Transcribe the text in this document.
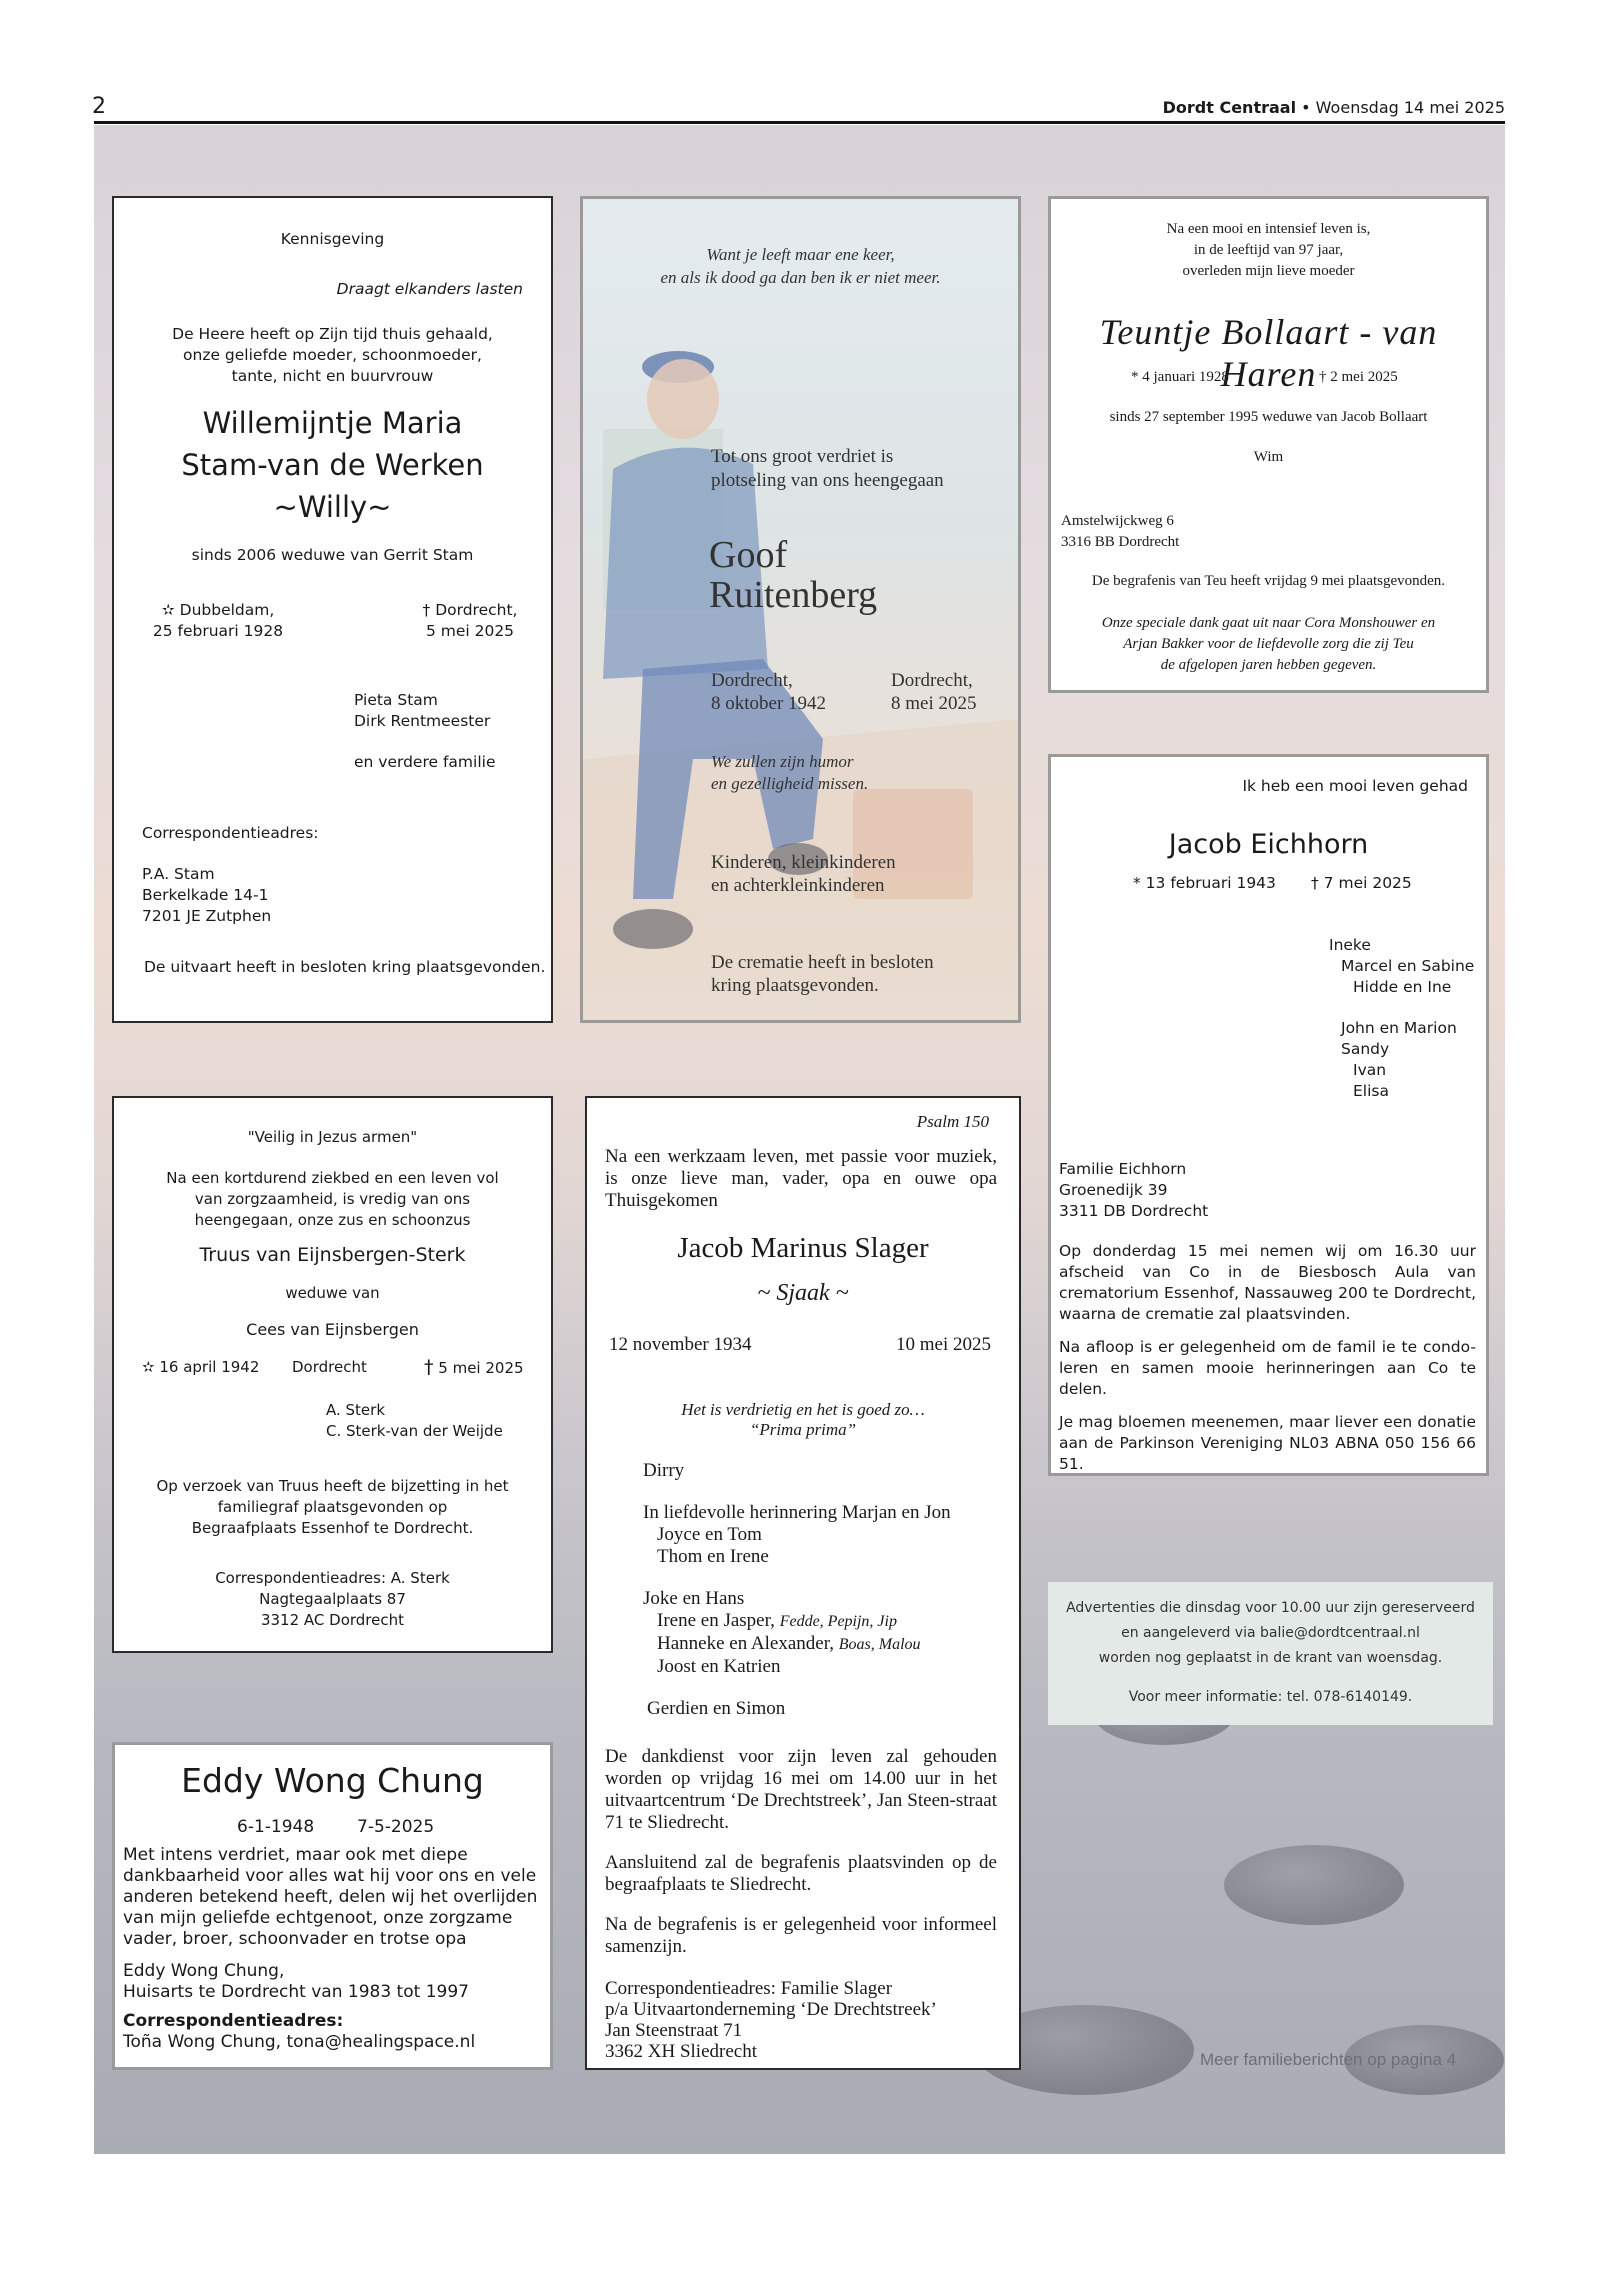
2	Dordt Centraal • Woensdag 14 mei 2025
Kennisgeving
Draagt elkanders lasten
De Heere heeft op Zijn tijd thuis gehaald,
onze geliefde moeder, schoonmoeder,
tante, nicht en buurvrouw
Willemijntje Maria
Stam-van de Werken
~Willy~
sinds 2006 weduwe van Gerrit Stam
✫ Dubbeldam,
25 februari 1928
† Dordrecht,
5 mei 2025
Pieta Stam
Dirk Rentmeester
en verdere familie
Correspondentieadres:
P.A. Stam
Berkelkade 14-1
7201 JE Zutphen
De uitvaart heeft in besloten kring plaatsgevonden.
Want je leeft maar ene keer,
en als ik dood ga dan ben ik er niet meer.
Tot ons groot verdriet is
plotseling van ons heengegaan
Goof
Ruitenberg
Dordrecht,
8 oktober 1942
Dordrecht,
8 mei 2025
We zullen zijn humor
en gezelligheid missen.
Kinderen, kleinkinderen
en achterkleinkinderen
De crematie heeft in besloten
kring plaatsgevonden.
Na een mooi en intensief leven is,
in de leeftijd van 97 jaar,
overleden mijn lieve moeder
Teuntje Bollaart - van Haren
* 4 januari 1928	† 2 mei 2025
sinds 27 september 1995 weduwe van Jacob Bollaart
Wim
Amstelwijckweg 6
3316 BB Dordrecht
De begrafenis van Teu heeft vrijdag 9 mei plaatsgevonden.
Onze speciale dank gaat uit naar Cora Monshouwer en
Arjan Bakker voor de liefdevolle zorg die zij Teu
de afgelopen jaren hebben gegeven.
Ik heb een mooi leven gehad
Jacob Eichhorn
* 13 februari 1943 † 7 mei 2025
Ineke
Marcel en Sabine
Hidde en Ine
John en Marion
Sandy
Ivan
Elisa
Familie Eichhorn
Groenedijk 39
3311 DB Dordrecht

Op donderdag 15 mei nemen wij om 16.30 uur afscheid van Co in de Biesbosch Aula van crematorium Essenhof, Nassauweg 200 te Dordrecht, waarna de crematie zal plaatsvinden.

Na afloop is er gelegenheid om de famil ie te condo-leren en samen mooie herinneringen aan Co te delen.

Je mag bloemen meenemen, maar liever een donatie aan de Parkinson Vereniging NL03 ABNA 050 156 66 51.

"Veilig in Jezus armen"
Na een kortdurend ziekbed en een leven vol
van zorgzaamheid, is vredig van ons
heengegaan, onze zus en schoonzus
Truus van Eijnsbergen-Sterk
weduwe van
Cees van Eijnsbergen
✫ 16 april 1942 Dordrecht	† 5 mei 2025
A. Sterk
C. Sterk-van der Weijde
Op verzoek van Truus heeft de bijzetting in het
familiegraf plaatsgevonden op
Begraafplaats Essenhof te Dordrecht.
Correspondentieadres: A. Sterk
Nagtegaalplaats 87
3312 AC Dordrecht
Psalm 150
Na een werkzaam leven, met passie voor muziek, is onze lieve man, vader, opa en ouwe opa Thuisgekomen
Jacob Marinus Slager
~ Sjaak ~
12 november 1934	10 mei 2025
Het is verdrietig en het is goed zo…
“Prima prima”
Dirry
In liefdevolle herinnering Marjan en Jon
Joyce en Tom
Thom en Irene
Joke en Hans
Irene en Jasper, Fedde, Pepijn, Jip
Hanneke en Alexander, Boas, Malou
Joost en Katrien
Gerdien en Simon

De dankdienst voor zijn leven zal gehouden worden op vrijdag 16 mei om 14.00 uur in het uitvaartcentrum ‘De Drechtstreek’, Jan Steen-straat 71 te Sliedrecht.

Aansluitend zal de begrafenis plaatsvinden op de begraafplaats te Sliedrecht.

Na de begrafenis is er gelegenheid voor informeel samenzijn.

Correspondentieadres: Familie Slager
p/a Uitvaartonderneming ‘De Drechtstreek’
Jan Steenstraat 71
3362 XH Sliedrecht
Eddy Wong Chung
6-1-1948	7-5-2025
Met intens verdriet, maar ook met diepe dankbaarheid voor alles wat hij voor ons en vele anderen betekend heeft, delen wij het overlijden van mijn geliefde echtgenoot, onze zorgzame vader, broer, schoonvader en trotse opa
Eddy Wong Chung,
Huisarts te Dordrecht van 1983 tot 1997
Correspondentieadres:
Toña Wong Chung, tona@healingspace.nl
Advertenties die dinsdag voor 10.00 uur zijn gereserveerd
en aangeleverd via balie@dordtcentraal.nl
worden nog geplaatst in de krant van woensdag.
Voor meer informatie: tel. 078-6140149.
Meer familieberichten op pagina 4
